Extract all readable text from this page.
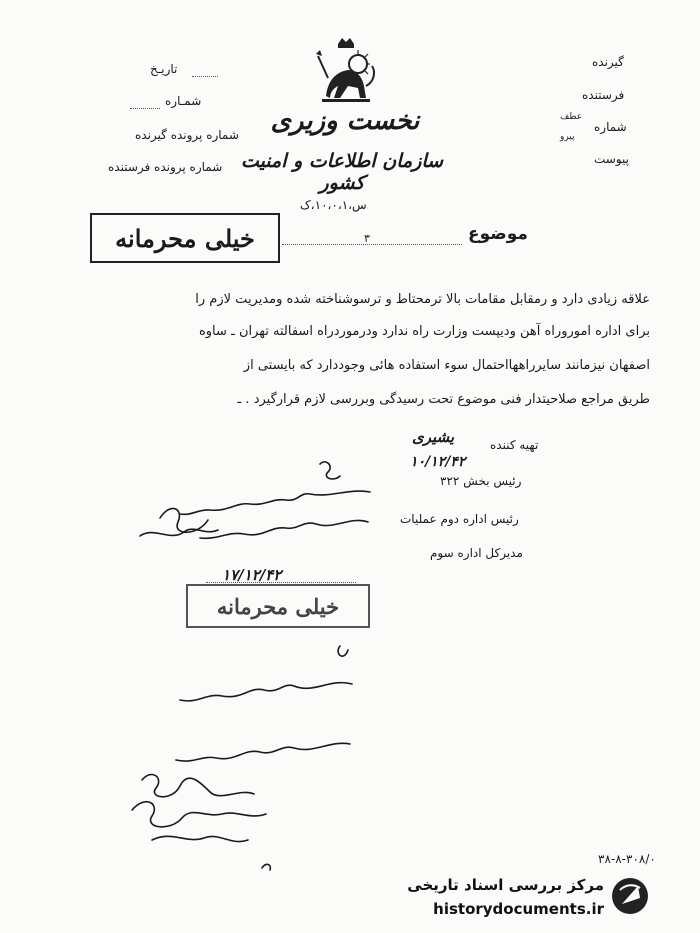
تاریـخ
شمـاره
شماره پرونده گیرنده
شماره پرونده فرستنده
گیرنده
فرستنده
شماره
عطف
پیرو
پیوست
نخست وزیری
سازمان اطلاعات و امنیت کشور
س،۱۰،۰،۱،ک
موضوع
۳
خیلی محرمانه
علاقه زیادی دارد و رمقابل مقامات بالا ترمحتاط و ترسوشناخته شده ومدیریت لازم را
برای اداره اموروراه آهن ودیپست وزارت راه ندارد ودرموردراه اسفالته تهران ـ ساوه
اصفهان نیزمانند سایرراههااحتمال سوء استفاده هائی وجوددارد که بایستی از
طریق مراجع صلاحیتدار فنی موضوع تحت رسیدگی وبررسی لازم قرارگیرد . ـ
تهیه کننده
یشیری
۱۰/۱۲/۴۲
رئیس بخش ۳۲۲
رئیس اداره دوم عملیات
مدیرکل اداره سوم
۱۷/۱۲/۴۲
خیلی محرمانه
۳۸-۸-۳۰۸/۰
مرکز بررسی اسناد تاریخی
historydocuments.ir
